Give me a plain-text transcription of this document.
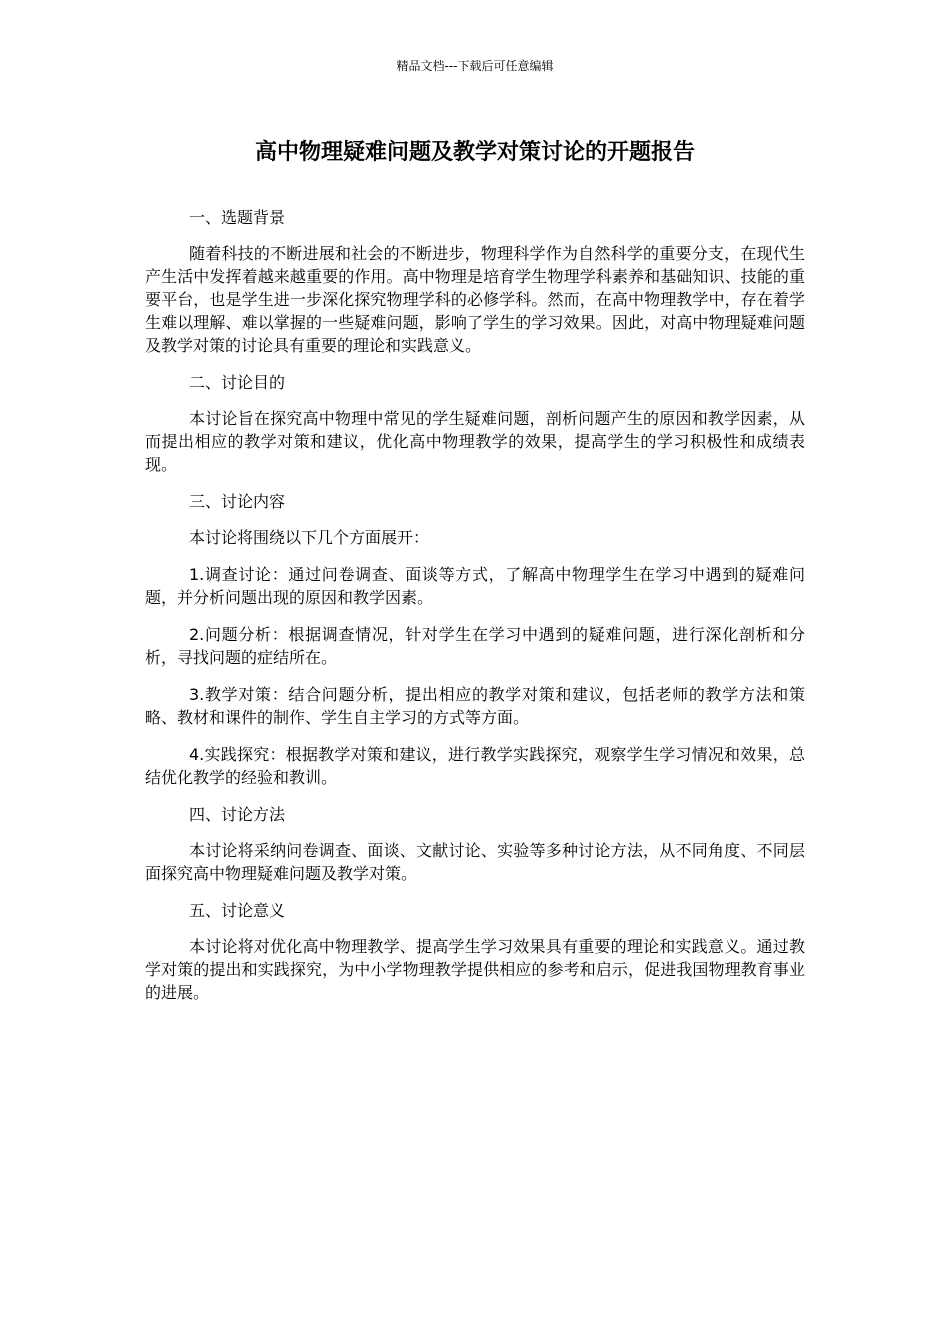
精品文档---下载后可任意编辑
高中物理疑难问题及教学对策讨论的开题报告

一、选题背景

随着科技的不断进展和社会的不断进步，物理科学作为自然科学的重要分支，在现代生产生活中发挥着越来越重要的作用。高中物理是培育学生物理学科素养和基础知识、技能的重要平台，也是学生进一步深化探究物理学科的必修学科。然而，在高中物理教学中，存在着学生难以理解、难以掌握的一些疑难问题，影响了学生的学习效果。因此，对高中物理疑难问题及教学对策的讨论具有重要的理论和实践意义。

二、讨论目的

本讨论旨在探究高中物理中常见的学生疑难问题，剖析问题产生的原因和教学因素，从而提出相应的教学对策和建议，优化高中物理教学的效果，提高学生的学习积极性和成绩表现。

三、讨论内容

本讨论将围绕以下几个方面展开：

1.调查讨论：通过问卷调查、面谈等方式，了解高中物理学生在学习中遇到的疑难问题，并分析问题出现的原因和教学因素。

2.问题分析：根据调查情况，针对学生在学习中遇到的疑难问题，进行深化剖析和分析，寻找问题的症结所在。

3.教学对策：结合问题分析，提出相应的教学对策和建议，包括老师的教学方法和策略、教材和课件的制作、学生自主学习的方式等方面。

4.实践探究：根据教学对策和建议，进行教学实践探究，观察学生学习情况和效果，总结优化教学的经验和教训。

四、讨论方法

本讨论将采纳问卷调查、面谈、文献讨论、实验等多种讨论方法，从不同角度、不同层面探究高中物理疑难问题及教学对策。

五、讨论意义

本讨论将对优化高中物理教学、提高学生学习效果具有重要的理论和实践意义。通过教学对策的提出和实践探究，为中小学物理教学提供相应的参考和启示，促进我国物理教育事业的进展。
